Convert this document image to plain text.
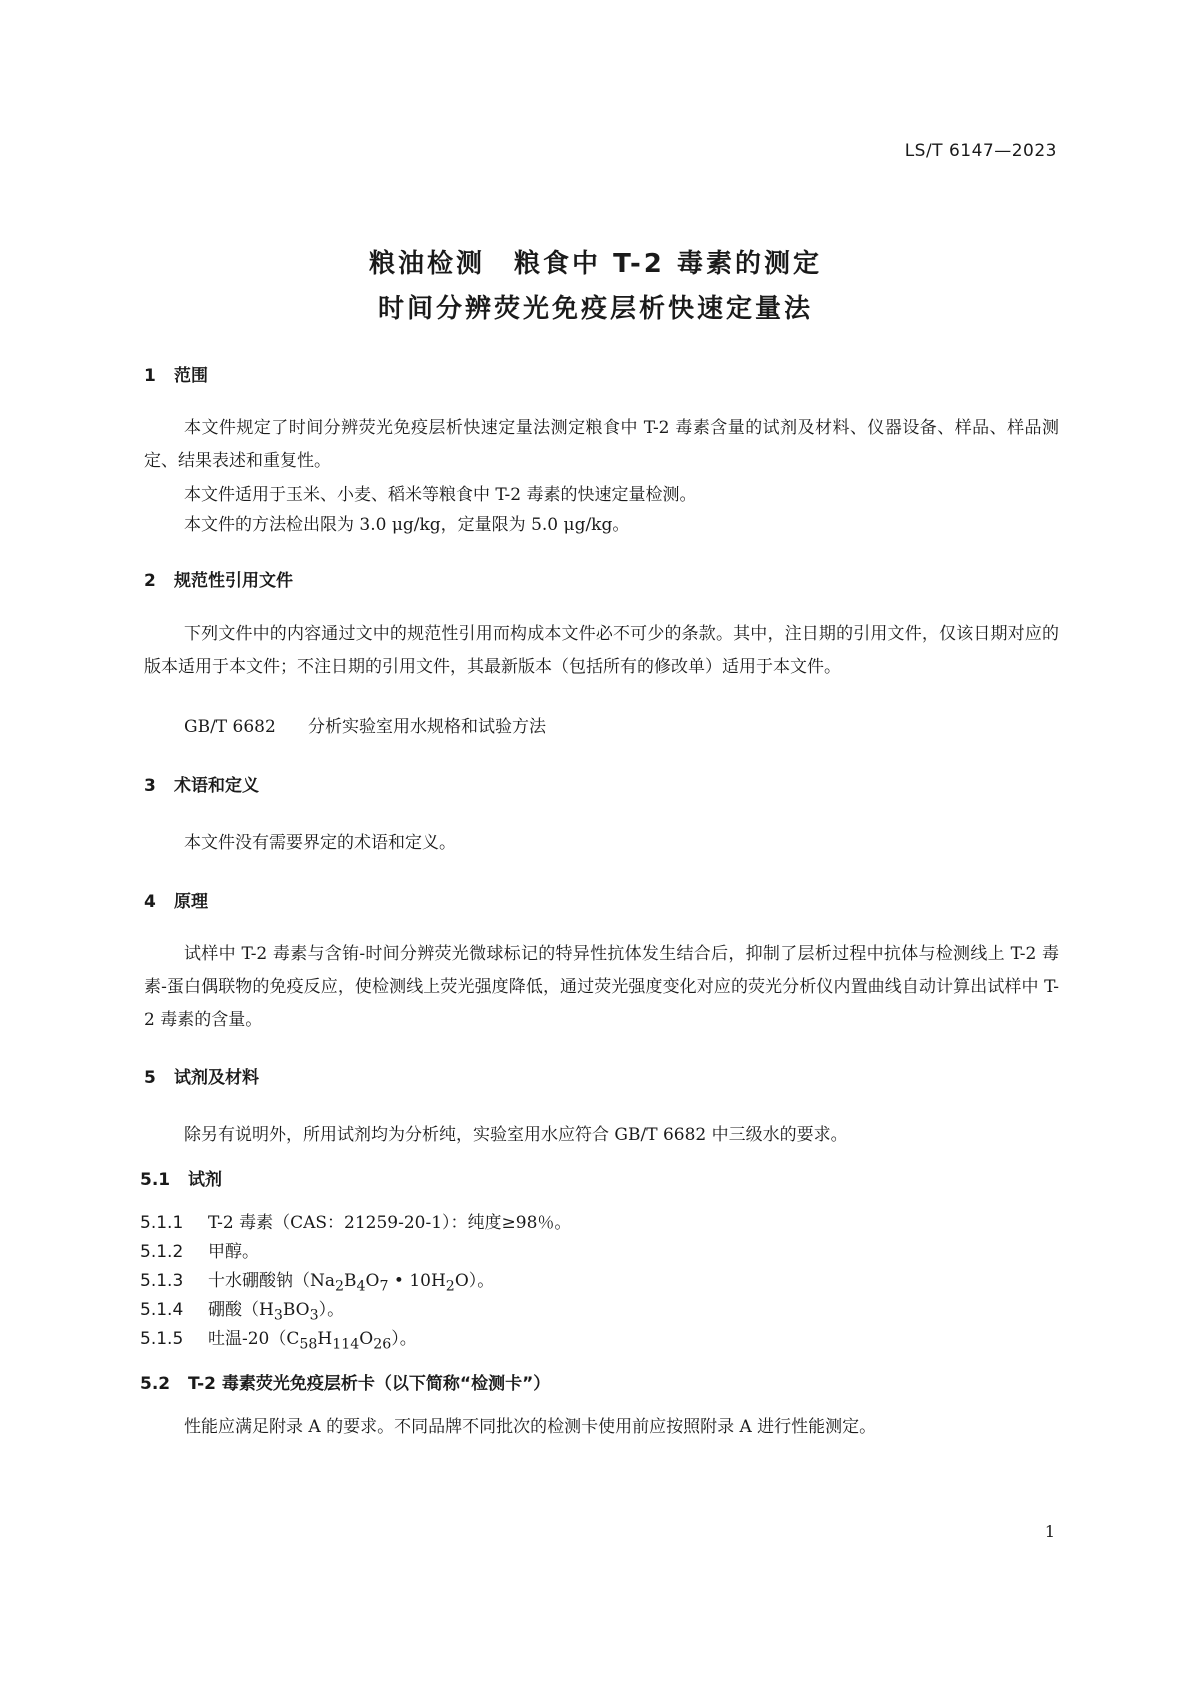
LS/T 6147—2023
粮油检测　粮食中 T-2 毒素的测定
时间分辨荧光免疫层析快速定量法
1 范围
本文件规定了时间分辨荧光免疫层析快速定量法测定粮食中 T-2 毒素含量的试剂及材料、仪器设备、样品、样品测定、结果表述和重复性。
本文件适用于玉米、小麦、稻米等粮食中 T-2 毒素的快速定量检测。
本文件的方法检出限为 3.0 μg/kg，定量限为 5.0 μg/kg。
2 规范性引用文件
下列文件中的内容通过文中的规范性引用而构成本文件必不可少的条款。其中，注日期的引用文件，仅该日期对应的版本适用于本文件；不注日期的引用文件，其最新版本（包括所有的修改单）适用于本文件。
GB/T 6682 分析实验室用水规格和试验方法
3 术语和定义
本文件没有需要界定的术语和定义。
4 原理
试样中 T-2 毒素与含铕-时间分辨荧光微球标记的特异性抗体发生结合后，抑制了层析过程中抗体与检测线上 T-2 毒素-蛋白偶联物的免疫反应，使检测线上荧光强度降低，通过荧光强度变化对应的荧光分析仪内置曲线自动计算出试样中 T-2 毒素的含量。
5 试剂及材料
除另有说明外，所用试剂均为分析纯，实验室用水应符合 GB/T 6682 中三级水的要求。
5.1 试剂
5.1.1 T-2 毒素（CAS：21259-20-1）：纯度≥98％。
5.1.2 甲醇。
5.1.3 十水硼酸钠（$Na_2B_4O_7$ • $10H_2O$）。
5.1.4 硼酸$(H_3BO_3)$。
5.1.5 吐温$-20(C_{58}H_{114}O_{26})$。
5.2 T-2 毒素荧光免疫层析卡（以下简称“检测卡”）
性能应满足附录 A 的要求。不同品牌不同批次的检测卡使用前应按照附录 A 进行性能测定。
1
